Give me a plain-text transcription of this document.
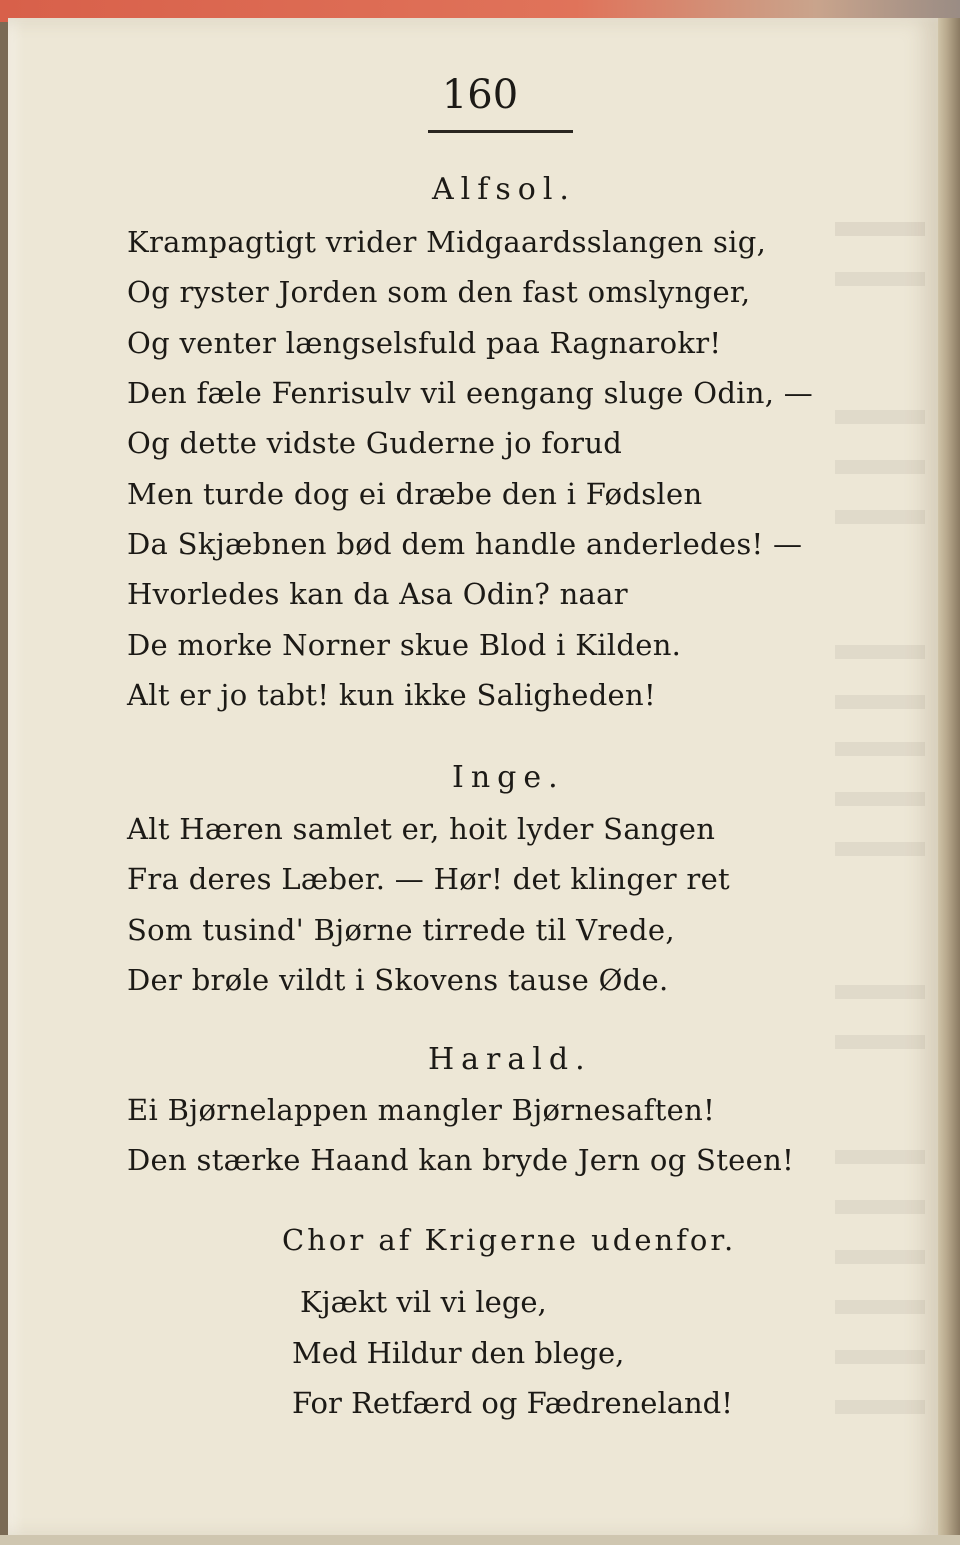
160
Alfsol.
Krampagtigt vrider Midgaardsslangen sig,
Og ryster Jorden som den fast omslynger,
Og venter længselsfuld paa Ragnarokr!
Den fæle Fenrisulv vil eengang sluge Odin, —
Og dette vidste Guderne jo forud
Men turde dog ei dræbe den i Fødslen
Da Skjæbnen bød dem handle anderledes! —
Hvorledes kan da Asa Odin? naar
De morke Norner skue Blod i Kilden.
Alt er jo tabt! kun ikke Saligheden!
Inge.
Alt Hæren samlet er, hoit lyder Sangen
Fra deres Læber. — Hør! det klinger ret
Som tusind' Bjørne tirrede til Vrede,
Der brøle vildt i Skovens tause Øde.
Harald.
Ei Bjørnelappen mangler Bjørnesaften!
Den stærke Haand kan bryde Jern og Steen!
Chor af Krigerne udenfor.
Kjækt vil vi lege,
Med Hildur den blege,
For Retfærd og Fædreneland!
